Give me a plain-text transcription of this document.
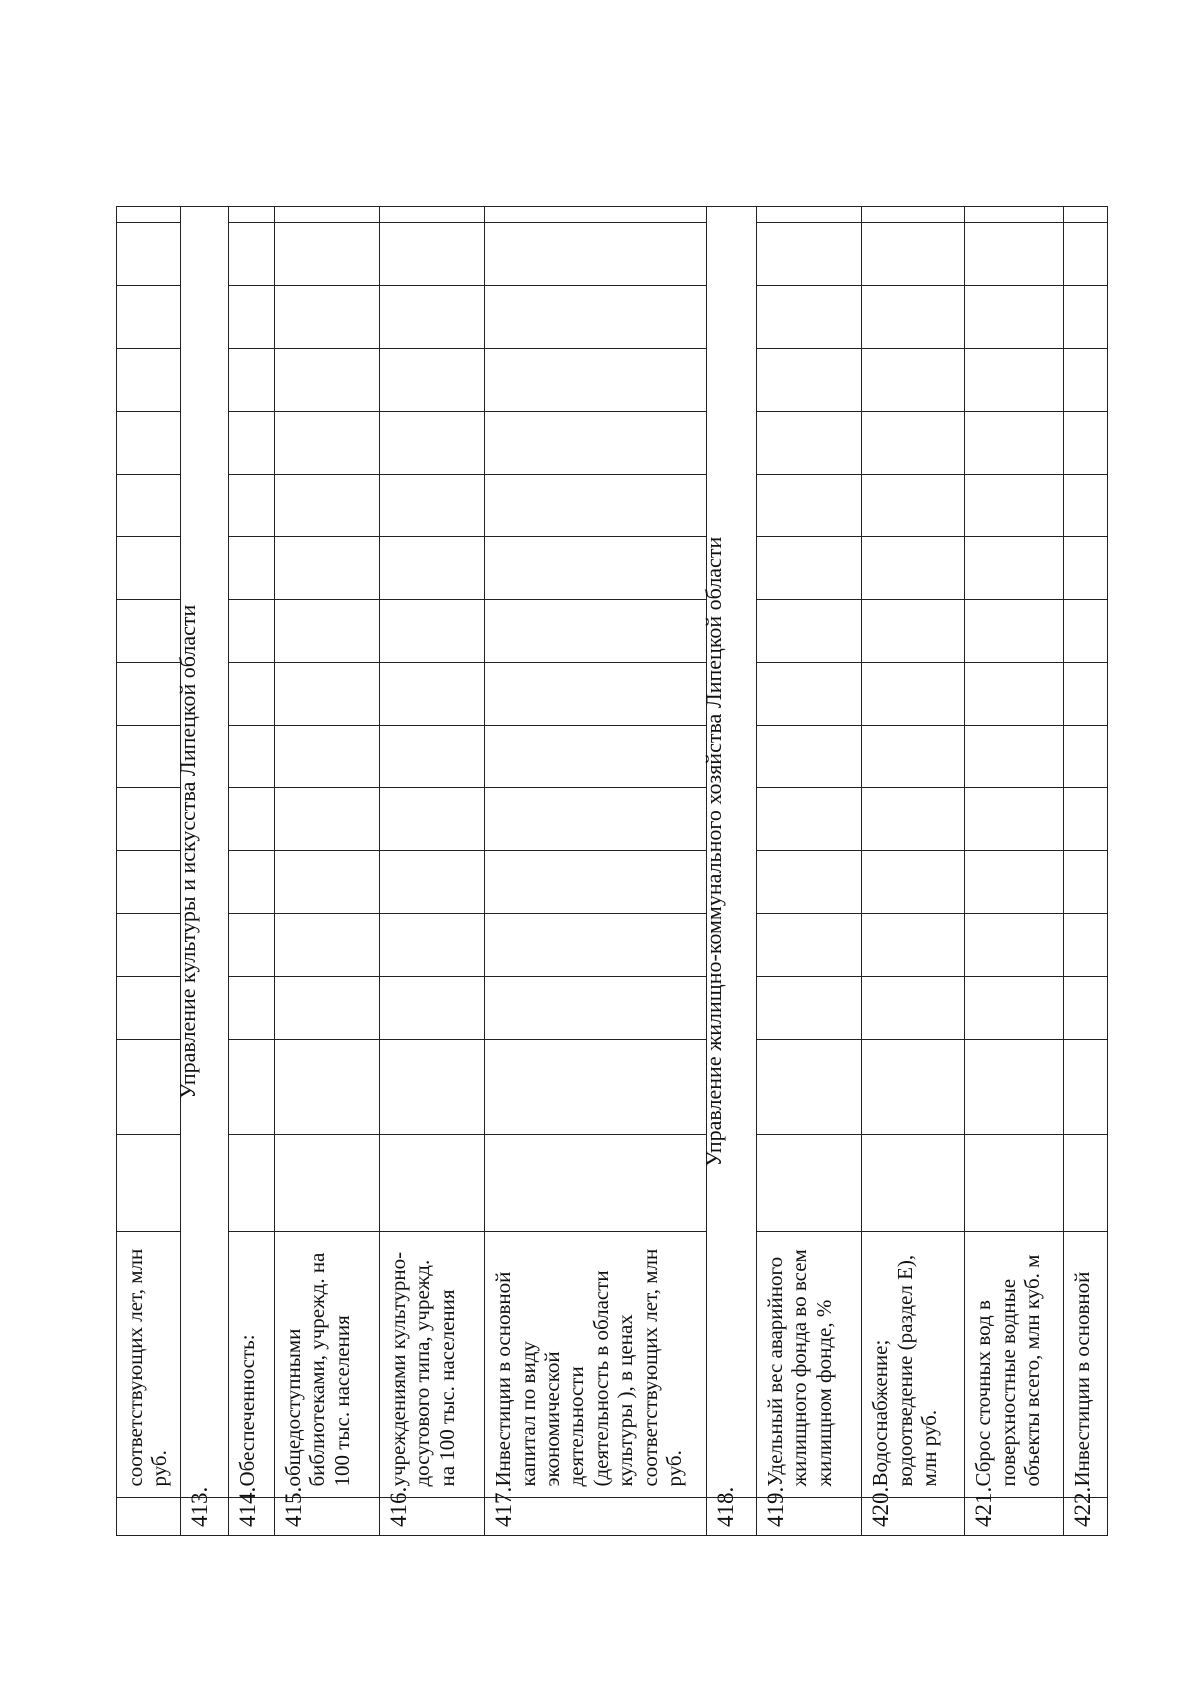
	соответствующих лет, млн руб.																
413.	Управление культуры и искусства Липецкой области																
414.	Обеспеченность:																
415.	общедоступными библиотеками, учрежд. на 100 тыс. населения																
416.	учреждениями культурно-досугового типа, учрежд. на 100 тыс. населения																
417.	Инвестиции в основной капитал по виду экономической деятельности (деятельность в области культуры ), в ценах соответствующих лет, млн руб.																
418.	Управление жилищно-коммунального хозяйства Липецкой области																
419.	Удельный вес аварийного жилищного фонда во всем жилищном фонде, %																
420.	Водоснабжение; водоотведение (раздел Е), млн руб.																
421.	Сброс сточных вод в поверхностные водные объекты всего, млн куб. м																
422.	Инвестиции в основной																
